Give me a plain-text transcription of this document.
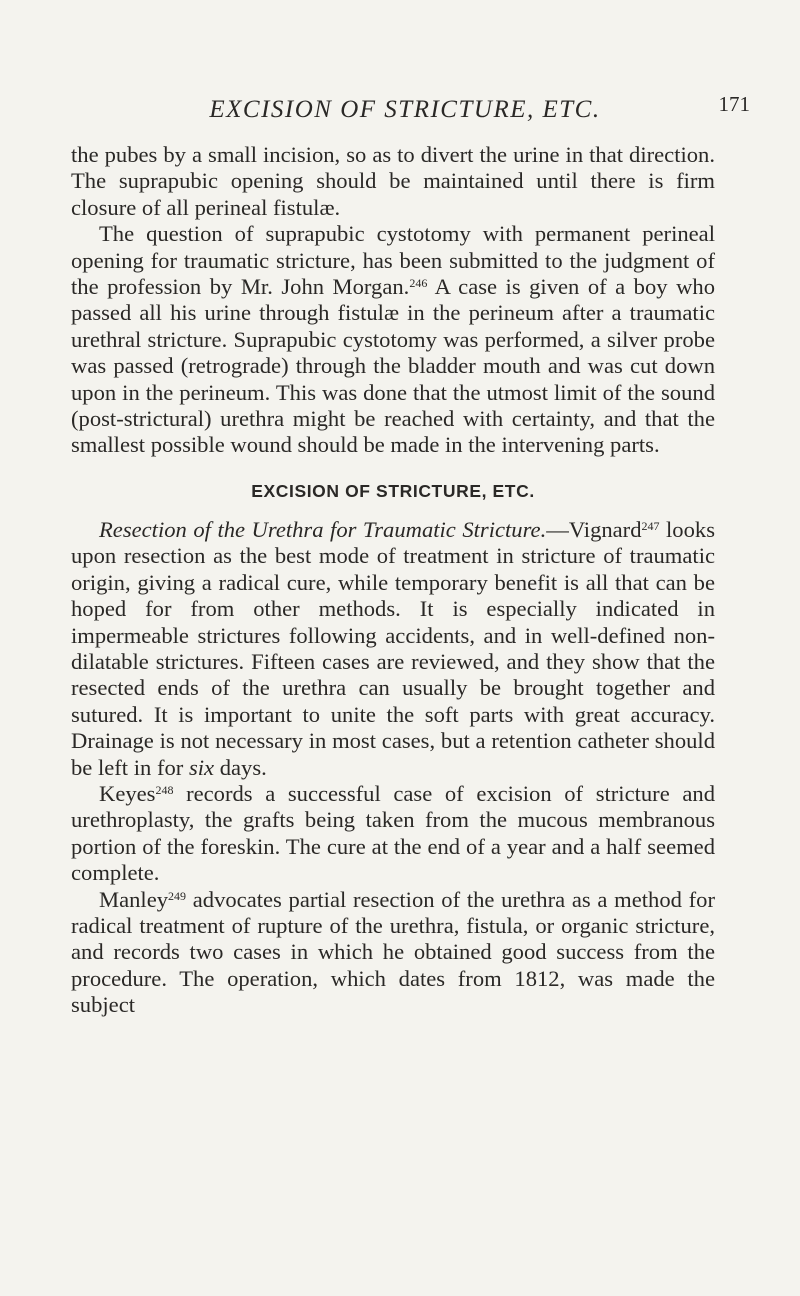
EXCISION OF STRICTURE, ETC.	171

the pubes by a small incision, so as to divert the urine in that direction. The suprapubic opening should be maintained until there is firm closure of all perineal fistulæ.

The question of suprapubic cystotomy with permanent perineal opening for traumatic stricture, has been submitted to the judgment of the profession by Mr. John Morgan.$^{246}$ A case is given of a boy who passed all his urine through fistulæ in the perineum after a traumatic urethral stricture. Suprapubic cystotomy was performed, a silver probe was passed (retrograde) through the bladder mouth and was cut down upon in the perineum. This was done that the utmost limit of the sound (post-strictural) urethra might be reached with certainty, and that the smallest possible wound should be made in the intervening parts.

EXCISION OF STRICTURE, ETC.

Resection of the Urethra for Traumatic Stricture.—Vignard$^{247}$ looks upon resection as the best mode of treatment in stricture of traumatic origin, giving a radical cure, while temporary benefit is all that can be hoped for from other methods. It is especially indicated in impermeable strictures following accidents, and in well-defined non-dilatable strictures. Fifteen cases are reviewed, and they show that the resected ends of the urethra can usually be brought together and sutured. It is important to unite the soft parts with great accuracy. Drainage is not necessary in most cases, but a retention catheter should be left in for six days.

Keyes$^{248}$ records a successful case of excision of stricture and urethroplasty, the grafts being taken from the mucous membranous portion of the foreskin. The cure at the end of a year and a half seemed complete.

Manley$^{249}$ advocates partial resection of the urethra as a method for radical treatment of rupture of the urethra, fistula, or organic stricture, and records two cases in which he obtained good success from the procedure. The operation, which dates from 1812, was made the subject
